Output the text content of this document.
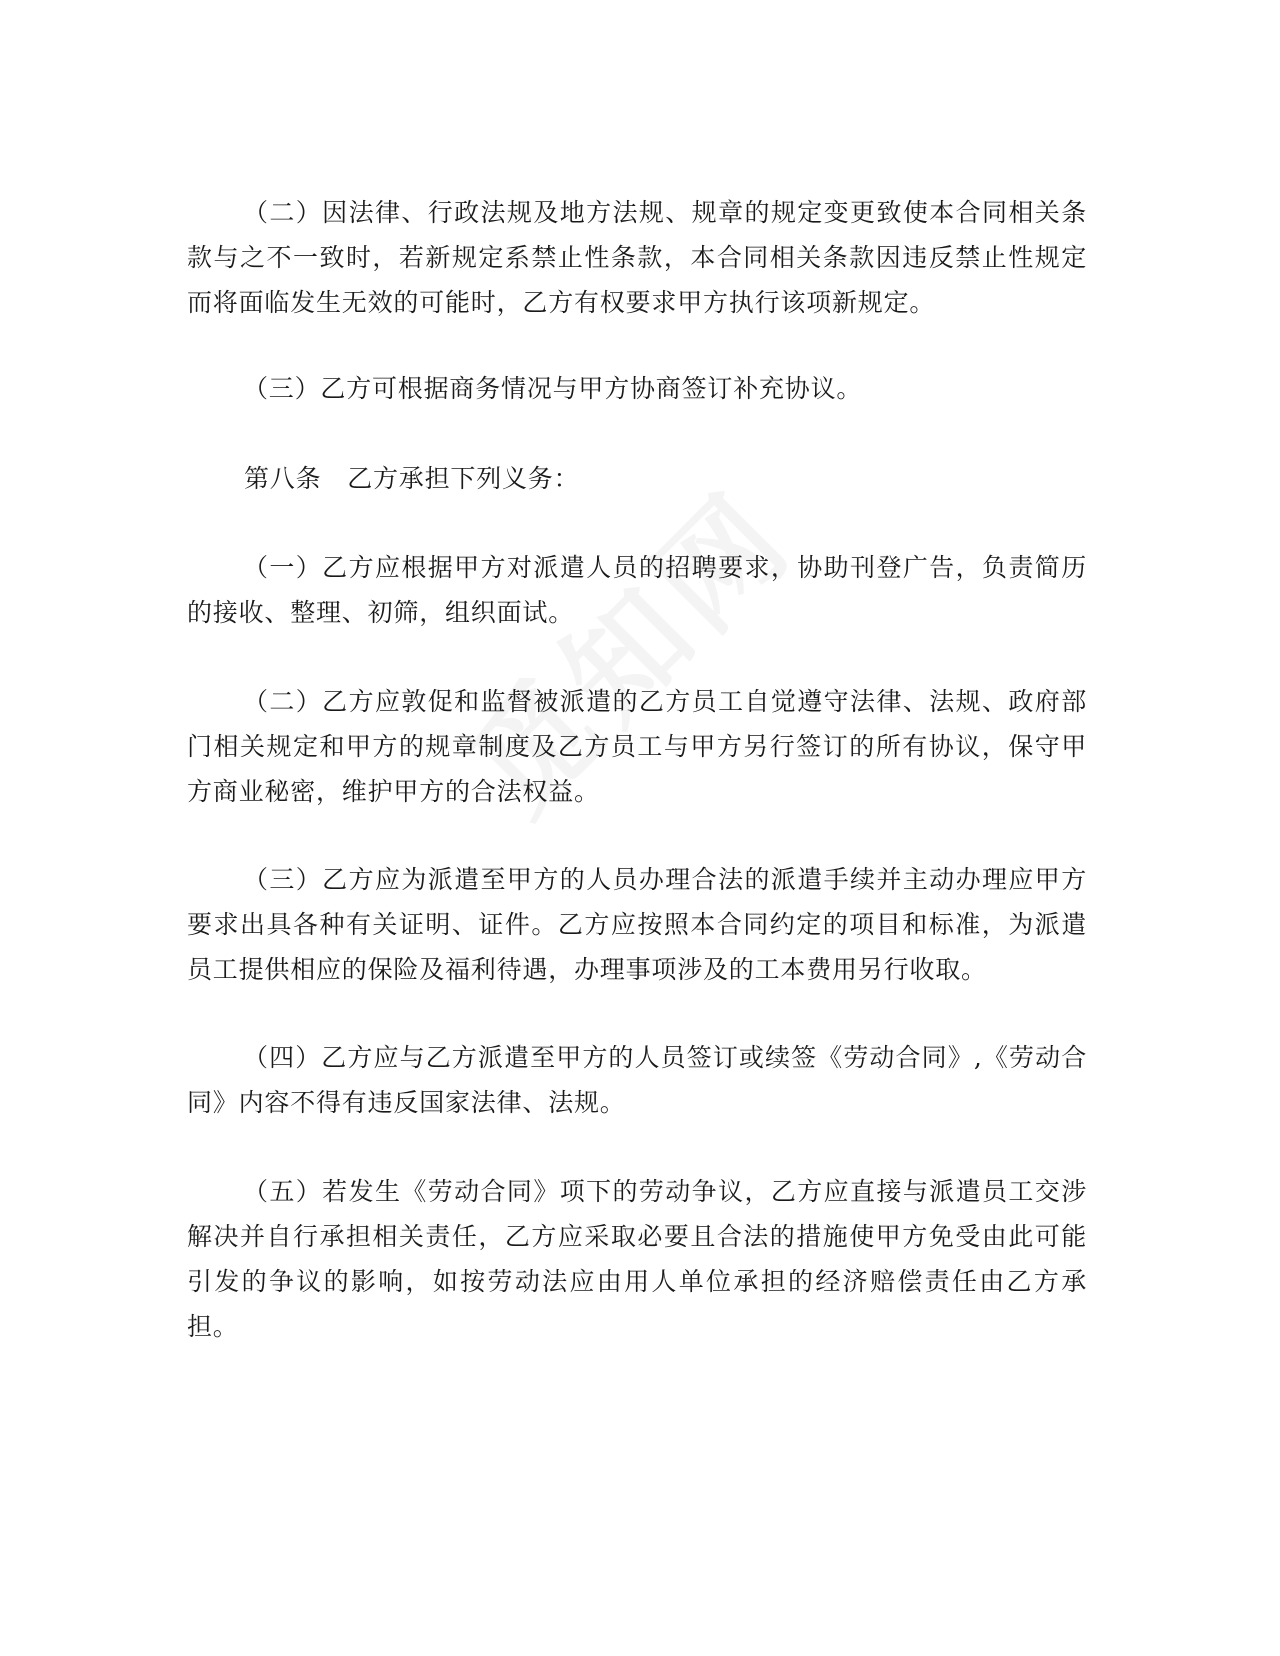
（二）因法律、行政法规及地方法规、规章的规定变更致使本合同相关条款与之不一致时，若新规定系禁止性条款，本合同相关条款因违反禁止性规定而将面临发生无效的可能时，乙方有权要求甲方执行该项新规定。

（三）乙方可根据商务情况与甲方协商签订补充协议。

第八条　乙方承担下列义务：

（一）乙方应根据甲方对派遣人员的招聘要求，协助刊登广告，负责简历的接收、整理、初筛，组织面试。

（二）乙方应敦促和监督被派遣的乙方员工自觉遵守法律、法规、政府部门相关规定和甲方的规章制度及乙方员工与甲方另行签订的所有协议，保守甲方商业秘密，维护甲方的合法权益。

（三）乙方应为派遣至甲方的人员办理合法的派遣手续并主动办理应甲方要求出具各种有关证明、证件。乙方应按照本合同约定的项目和标准，为派遣员工提供相应的保险及福利待遇，办理事项涉及的工本费用另行收取。

（四）乙方应与乙方派遣至甲方的人员签订或续签《劳动合同》,《劳动合同》内容不得有违反国家法律、法规。

（五）若发生《劳动合同》项下的劳动争议，乙方应直接与派遣员工交涉解决并自行承担相关责任，乙方应采取必要且合法的措施使甲方免受由此可能引发的争议的影响，如按劳动法应由用人单位承担的经济赔偿责任由乙方承担。
